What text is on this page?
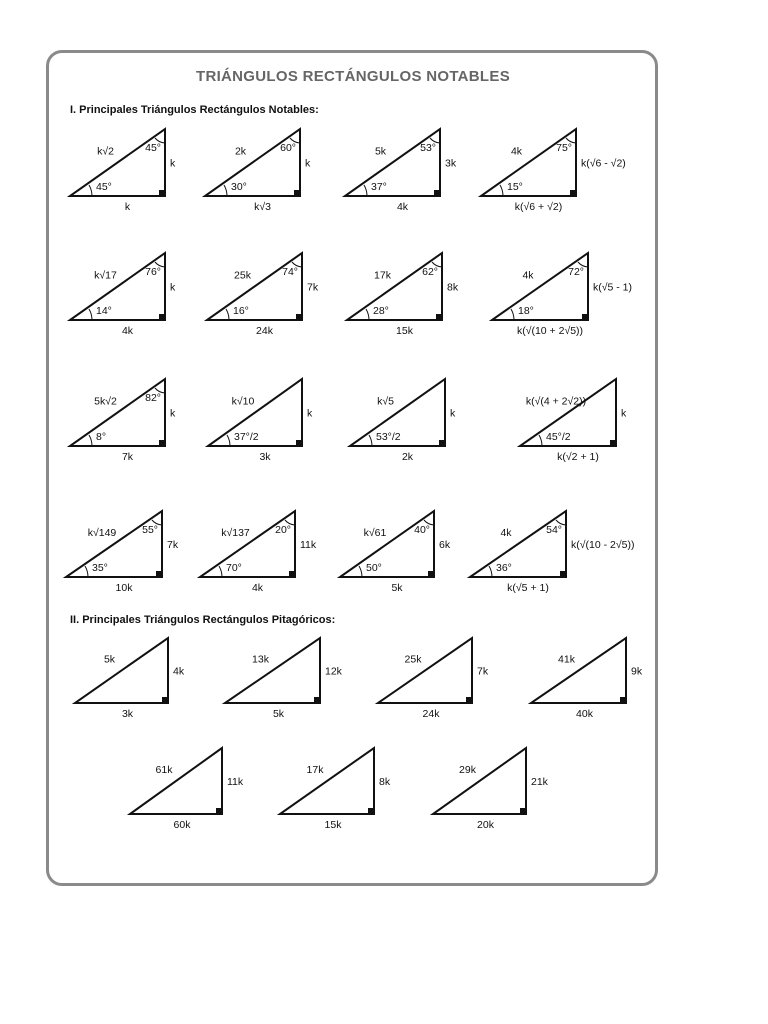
TRIÁNGULOS RECTÁNGULOS NOTABLES
I. Principales Triángulos Rectángulos Notables:
II. Principales Triángulos Rectángulos Pitagóricos:
45°
45°
k√2
k
k
60°
30°
2k
k
k√3
53°
37°
5k
3k
4k
75°
15°
4k
k(√6 - √2)
k(√6 + √2)
76°
14°
k√17
k
4k
74°
16°
25k
7k
24k
62°
28°
17k
8k
15k
72°
18°
4k
k(√5 - 1)
k(√(10 + 2√5))
82°
8°
5k√2
k
7k
37°/2
k√10
k
3k
53°/2
k√5
k
2k
45°/2
k(√(4 + 2√2))
k
k(√2 + 1)
55°
35°
k√149
7k
10k
20°
70°
k√137
11k
4k
40°
50°
k√61
6k
5k
54°
36°
4k
k(√(10 - 2√5))
k(√5 + 1)
5k
4k
3k
13k
12k
5k
25k
7k
24k
41k
9k
40k
61k
11k
60k
17k
8k
15k
29k
21k
20k
